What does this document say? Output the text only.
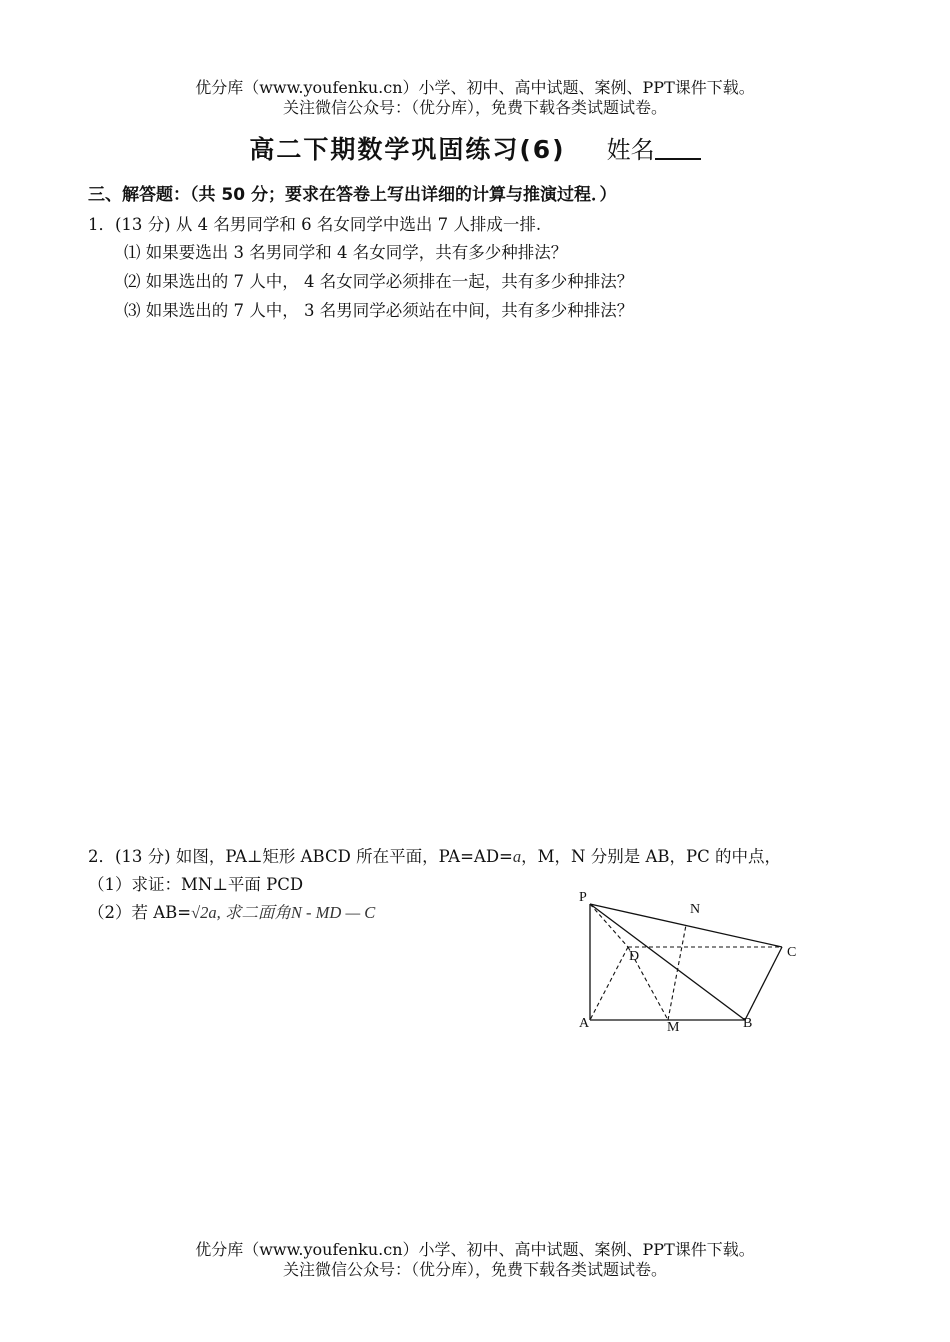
优分库（www.youfenku.cn）小学、初中、高中试题、案例、PPT课件下载。
关注微信公众号：（优分库），免费下载各类试题试卷。
高二下期数学巩固练习(6) 姓名
三、解答题：（共 50 分；要求在答卷上写出详细的计算与推演过程．）
1．(13 分) 从 4 名男同学和 6 名女同学中选出 7 人排成一排.
⑴ 如果要选出 3 名男同学和 4 名女同学，共有多少种排法？
⑵ 如果选出的 7 人中， 4 名女同学必须排在一起，共有多少种排法？
⑶ 如果选出的 7 人中， 3 名男同学必须站在中间，共有多少种排法？
2．(13 分) 如图，PA⊥矩形 ABCD 所在平面，PA=AD=a，M，N 分别是 AB，PC 的中点，
（1）求证：MN⊥平面 PCD
（2）若 AB=√2a, 求二面角N - MD — C
P
N
C
D
A	M	B
优分库（www.youfenku.cn）小学、初中、高中试题、案例、PPT课件下载。
关注微信公众号：（优分库），免费下载各类试题试卷。
